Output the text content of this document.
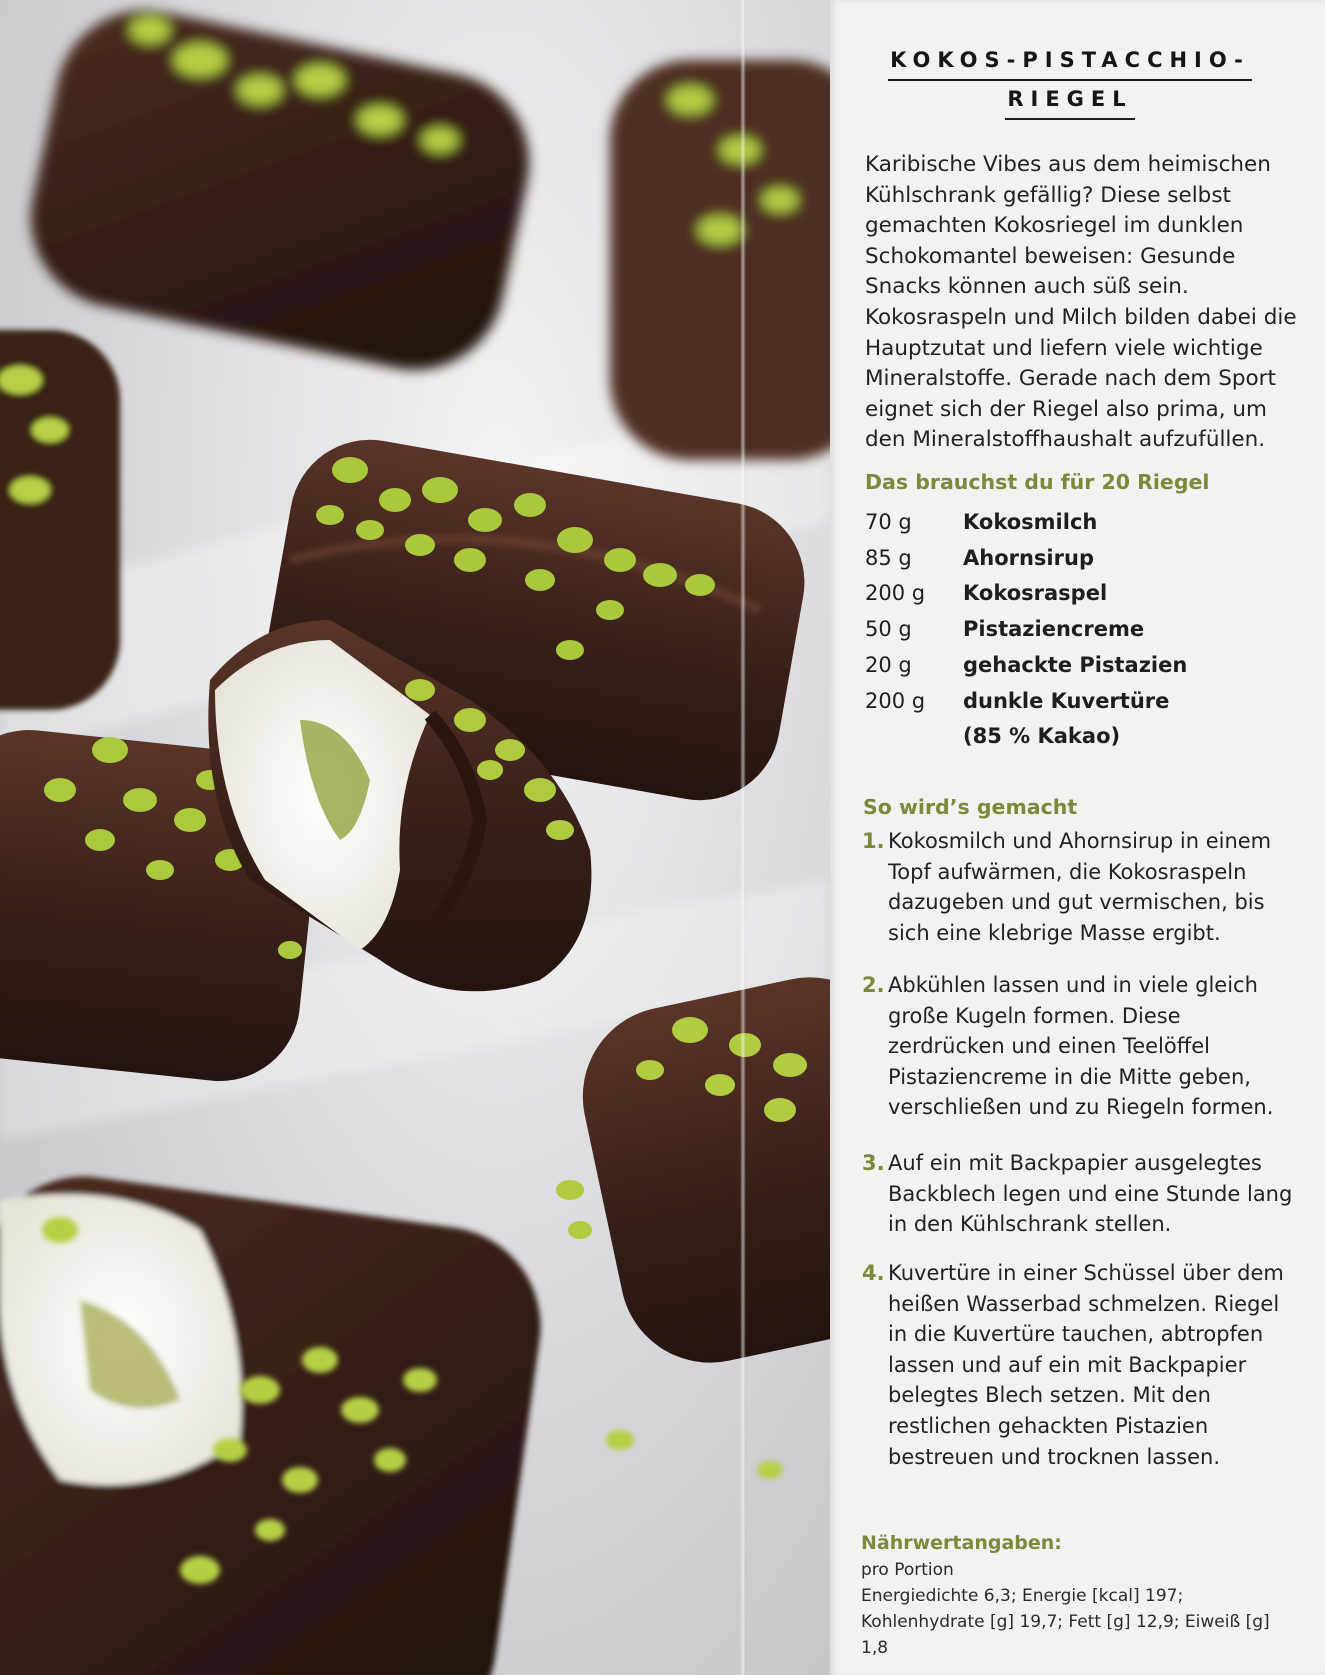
KOKOS-PISTACCHIO-
RIEGEL
Karibische Vibes aus dem heimischen Kühlschrank gefällig? Diese selbst gemachten Kokosriegel im dunklen Schokomantel beweisen: Gesunde Snacks können auch süß sein. Kokosraspeln und Milch bilden dabei die Hauptzutat und liefern viele wichtige Mineralstoffe. Gerade nach dem Sport eignet sich der Riegel also prima, um den Mineralstoffhaushalt aufzufüllen.
Das brauchst du für 20 Riegel
70 g	Kokosmilch
85 g	Ahornsirup
200 g	Kokosraspel
50 g	Pistaziencreme
20 g	gehackte Pistazien
200 g	dunkle Kuvertüre
(85 % Kakao)
So wird’s gemacht
1. Kokosmilch und Ahornsirup in einem Topf aufwärmen, die Kokosraspeln dazugeben und gut vermischen, bis sich eine klebrige Masse ergibt.
2. Abkühlen lassen und in viele gleich große Kugeln formen. Diese zerdrücken und einen Teelöffel Pistaziencreme in die Mitte geben, verschließen und zu Riegeln formen.
3. Auf ein mit Backpapier ausgelegtes Backblech legen und eine Stunde lang in den Kühlschrank stellen.
4. Kuvertüre in einer Schüssel über dem heißen Wasserbad schmelzen. Riegel in die Kuvertüre tauchen, abtropfen lassen und auf ein mit Backpapier belegtes Blech setzen. Mit den restlichen gehackten Pistazien bestreuen und trocknen lassen.
Nährwertangaben:
pro Portion
Energiedichte 6,3; Energie [kcal] 197; Kohlenhydrate [g] 19,7; Fett [g] 12,9; Eiweiß [g] 1,8
